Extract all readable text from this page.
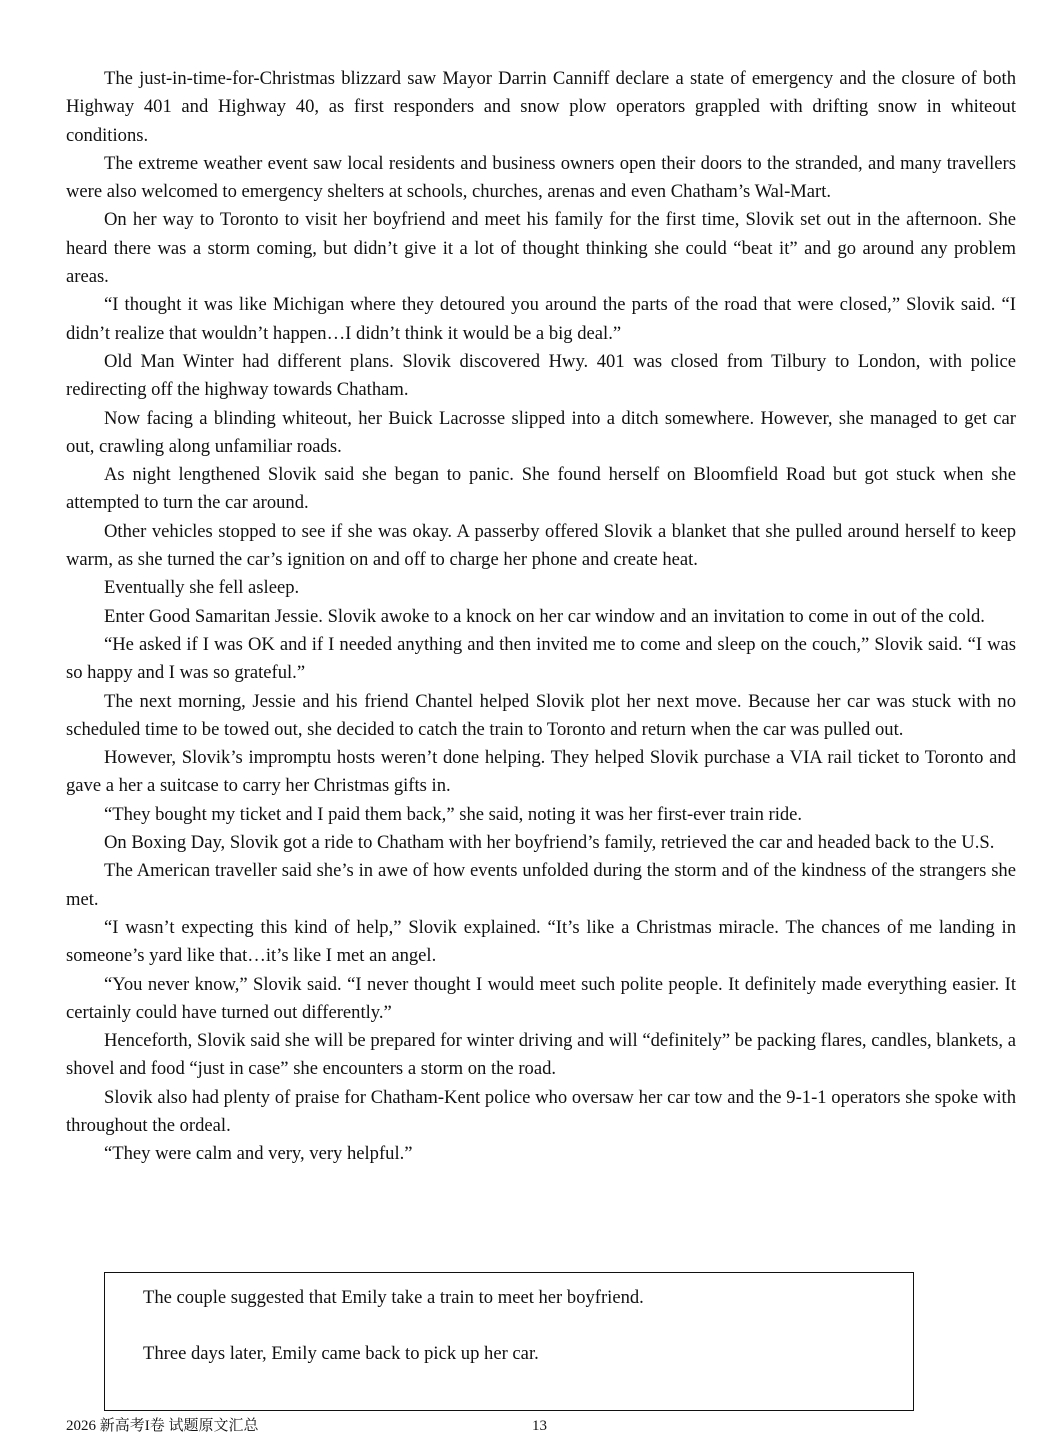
The just-in-time-for-Christmas blizzard saw Mayor Darrin Canniff declare a state of emergency and the closure of both Highway 401 and Highway 40, as first responders and snow plow operators grappled with drifting snow in whiteout conditions.

The extreme weather event saw local residents and business owners open their doors to the stranded, and many travellers were also welcomed to emergency shelters at schools, churches, arenas and even Chatham’s Wal-Mart.

On her way to Toronto to visit her boyfriend and meet his family for the first time, Slovik set out in the afternoon. She heard there was a storm coming, but didn’t give it a lot of thought thinking she could “beat it” and go around any problem areas.

“I thought it was like Michigan where they detoured you around the parts of the road that were closed,” Slovik said. “I didn’t realize that wouldn’t happen…I didn’t think it would be a big deal.”

Old Man Winter had different plans. Slovik discovered Hwy. 401 was closed from Tilbury to London, with police redirecting off the highway towards Chatham.

Now facing a blinding whiteout, her Buick Lacrosse slipped into a ditch somewhere. However, she managed to get car out, crawling along unfamiliar roads.

As night lengthened Slovik said she began to panic. She found herself on Bloomfield Road but got stuck when she attempted to turn the car around.

Other vehicles stopped to see if she was okay. A passerby offered Slovik a blanket that she pulled around herself to keep warm, as she turned the car’s ignition on and off to charge her phone and create heat.

Eventually she fell asleep.

Enter Good Samaritan Jessie. Slovik awoke to a knock on her car window and an invitation to come in out of the cold.

“He asked if I was OK and if I needed anything and then invited me to come and sleep on the couch,” Slovik said. “I was so happy and I was so grateful.”

The next morning, Jessie and his friend Chantel helped Slovik plot her next move. Because her car was stuck with no scheduled time to be towed out, she decided to catch the train to Toronto and return when the car was pulled out.

However, Slovik’s impromptu hosts weren’t done helping. They helped Slovik purchase a VIA rail ticket to Toronto and gave a her a suitcase to carry her Christmas gifts in.

“They bought my ticket and I paid them back,” she said, noting it was her first-ever train ride.

On Boxing Day, Slovik got a ride to Chatham with her boyfriend’s family, retrieved the car and headed back to the U.S.

The American traveller said she’s in awe of how events unfolded during the storm and of the kindness of the strangers she met.

“I wasn’t expecting this kind of help,” Slovik explained. “It’s like a Christmas miracle. The chances of me landing in someone’s yard like that…it’s like I met an angel.

“You never know,” Slovik said. “I never thought I would meet such polite people. It definitely made everything easier. It certainly could have turned out differently.”

Henceforth, Slovik said she will be prepared for winter driving and will “definitely” be packing flares, candles, blankets, a shovel and food “just in case” she encounters a storm on the road.

Slovik also had plenty of praise for Chatham-Kent police who oversaw her car tow and the 9-1-1 operators she spoke with throughout the ordeal.

“They were calm and very, very helpful.”

The couple suggested that Emily take a train to meet her boyfriend.

Three days later, Emily came back to pick up her car.

2026 新高考I卷 试题原文汇总	13
